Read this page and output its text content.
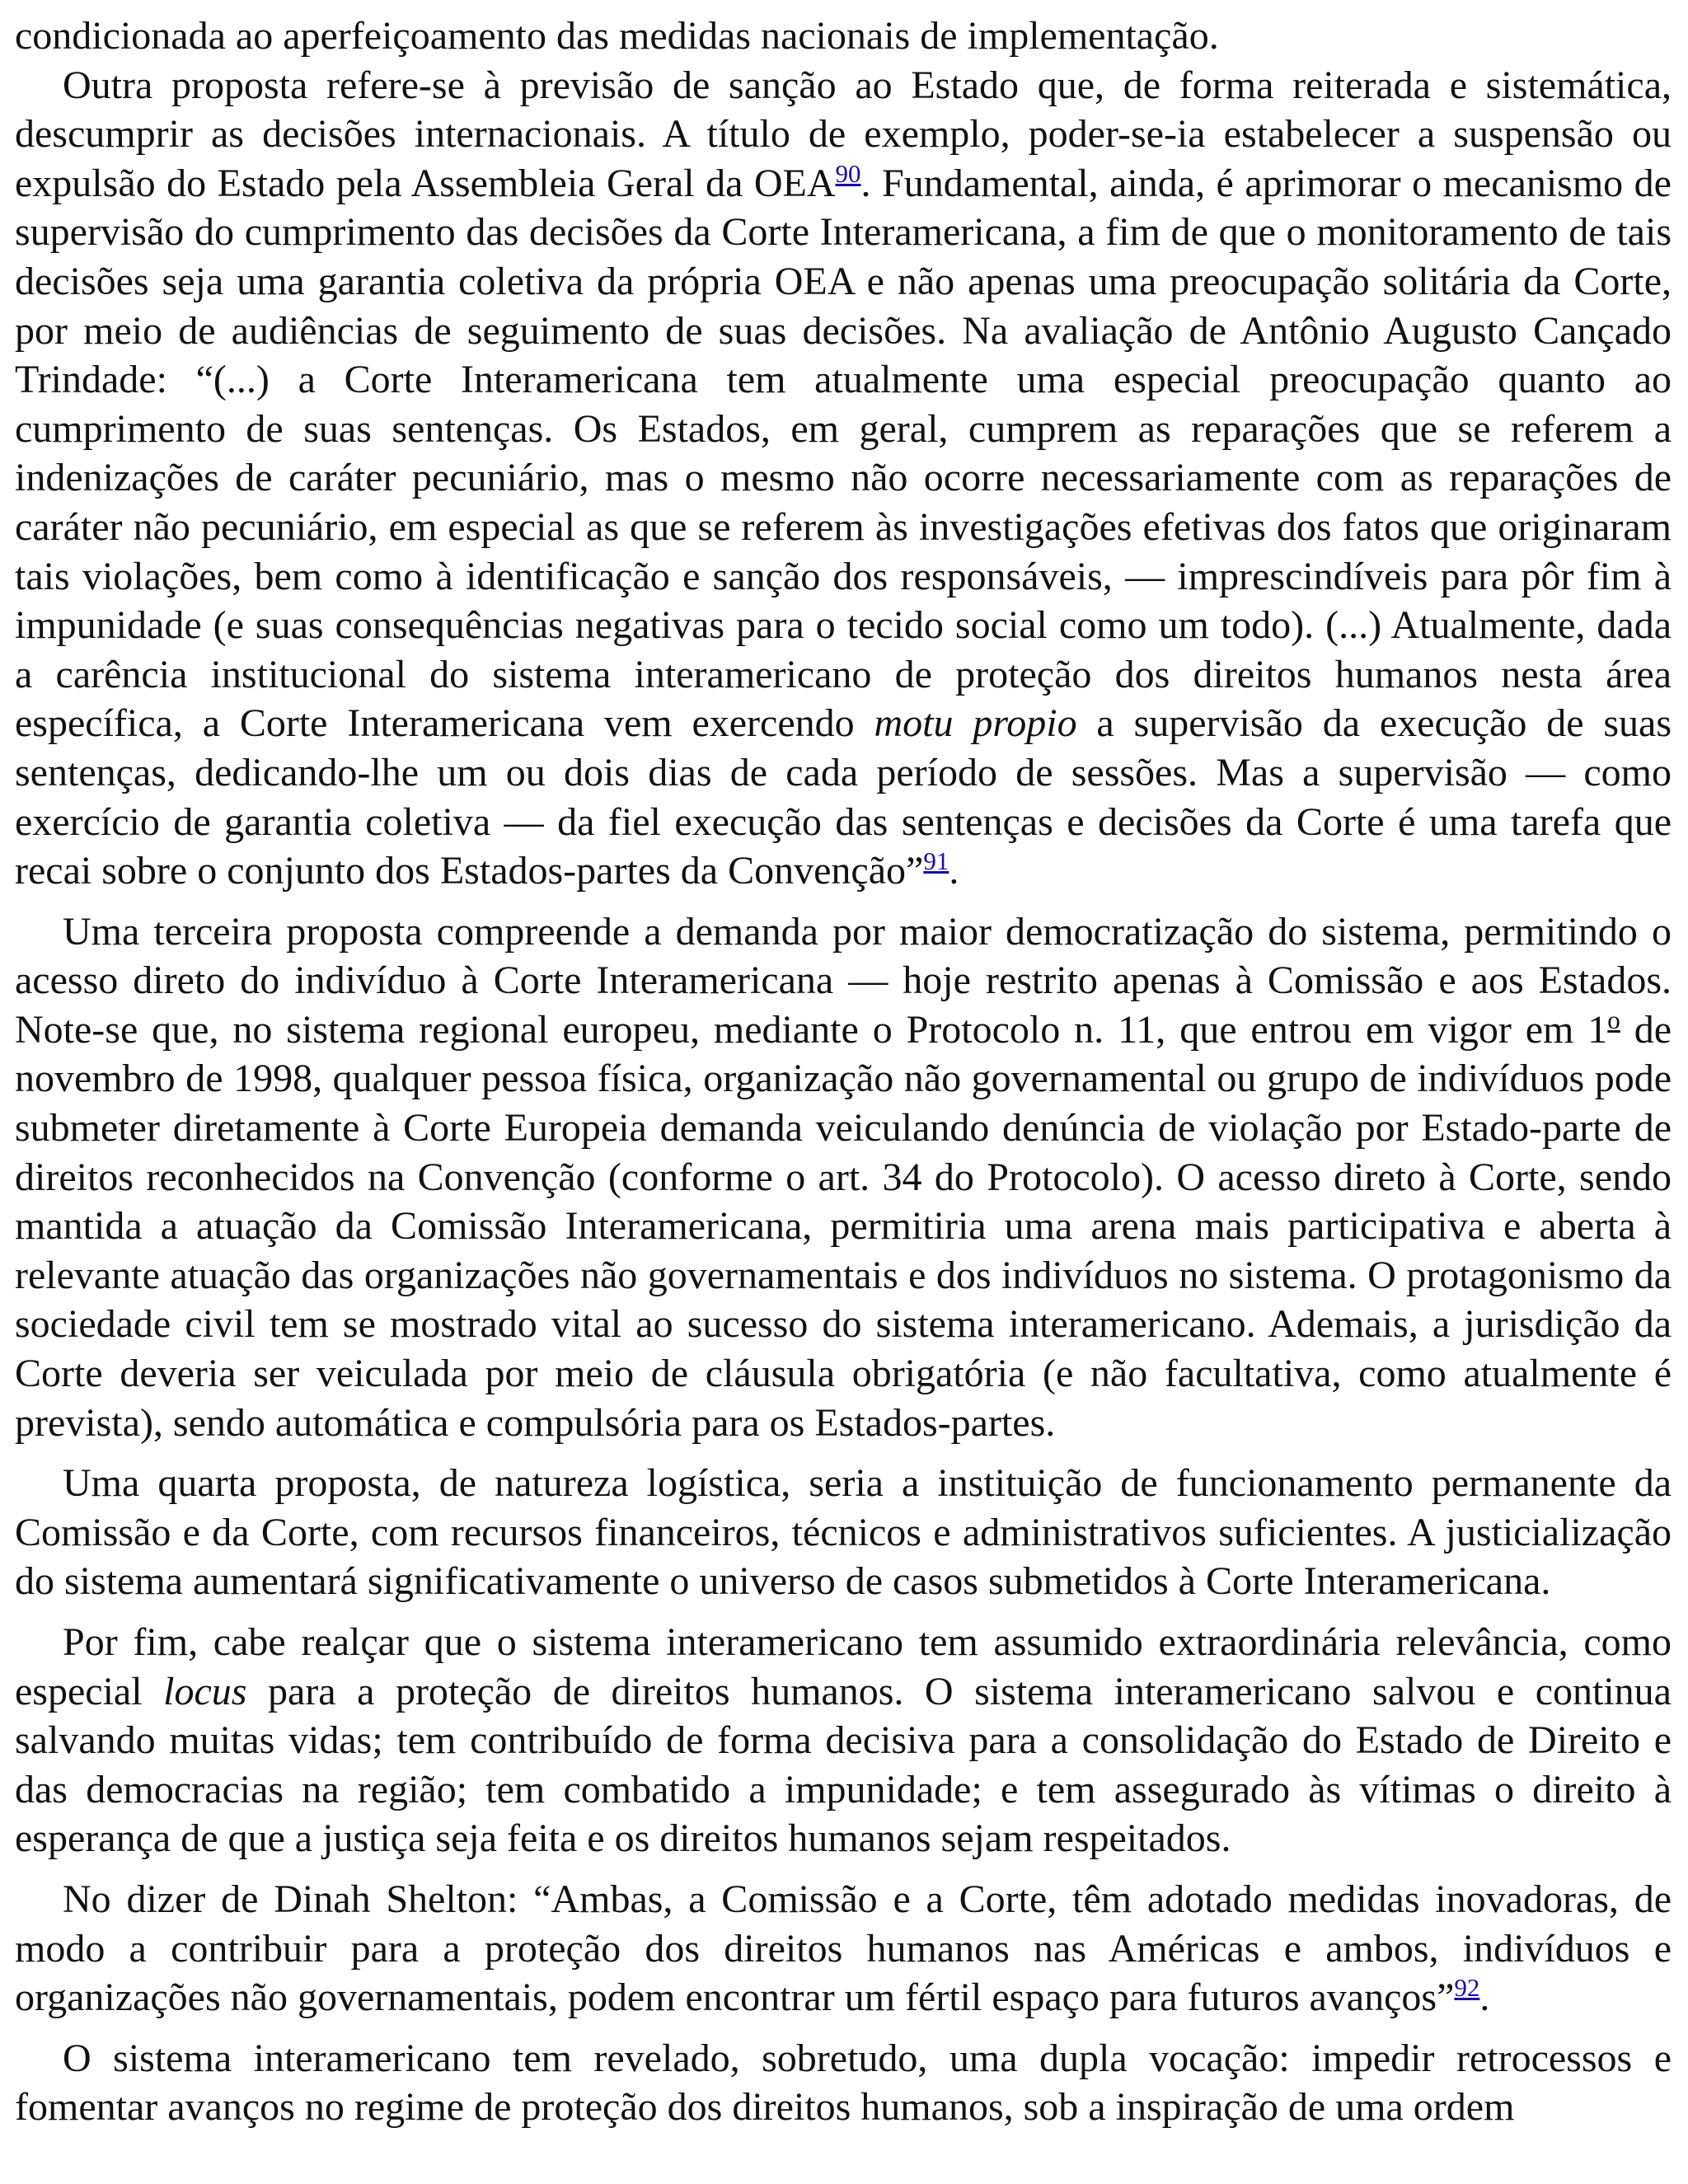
condicionada ao aperfeiçoamento das medidas nacionais de implementação.

Outra proposta refere-se à previsão de sanção ao Estado que, de forma reiterada e sistemática, descumprir as decisões internacionais. A título de exemplo, poder-se-ia estabelecer a suspensão ou expulsão do Estado pela Assembleia Geral da OEA$^{90}$. Fundamental, ainda, é aprimorar o mecanismo de supervisão do cumprimento das decisões da Corte Interamericana, a fim de que o monitoramento de tais decisões seja uma garantia coletiva da própria OEA e não apenas uma preocupação solitária da Corte, por meio de audiências de seguimento de suas decisões. Na avaliação de Antônio Augusto Cançado Trindade: “(...) a Corte Interamericana tem atualmente uma especial preocupação quanto ao cumprimento de suas sentenças. Os Estados, em geral, cumprem as reparações que se referem a indenizações de caráter pecuniário, mas o mesmo não ocorre necessariamente com as reparações de caráter não pecuniário, em especial as que se referem às investigações efetivas dos fatos que originaram tais violações, bem como à identificação e sanção dos responsáveis, — imprescindíveis para pôr fim à impunidade (e suas consequências negativas para o tecido social como um todo). (...) Atualmente, dada a carência institucional do sistema interamericano de proteção dos direitos humanos nesta área específica, a Corte Interamericana vem exercendo motu propio a supervisão da execução de suas sentenças, dedicando-lhe um ou dois dias de cada período de sessões. Mas a supervisão — como exercício de garantia coletiva — da fiel execução das sentenças e decisões da Corte é uma tarefa que recai sobre o conjunto dos Estados-partes da Convenção”$^{91}$.

Uma terceira proposta compreende a demanda por maior democratização do sistema, permitindo o acesso direto do indivíduo à Corte Interamericana — hoje restrito apenas à Comissão e aos Estados. Note-se que, no sistema regional europeu, mediante o Protocolo n. 11, que entrou em vigor em 1$^o$ de novembro de 1998, qualquer pessoa física, organização não governamental ou grupo de indivíduos pode submeter diretamente à Corte Europeia demanda veiculando denúncia de violação por Estado-parte de direitos reconhecidos na Convenção (conforme o art. 34 do Protocolo). O acesso direto à Corte, sendo mantida a atuação da Comissão Interamericana, permitiria uma arena mais participativa e aberta à relevante atuação das organizações não governamentais e dos indivíduos no sistema. O protagonismo da sociedade civil tem se mostrado vital ao sucesso do sistema interamericano. Ademais, a jurisdição da Corte deveria ser veiculada por meio de cláusula obrigatória (e não facultativa, como atualmente é prevista), sendo automática e compulsória para os Estados-partes.

Uma quarta proposta, de natureza logística, seria a instituição de funcionamento permanente da Comissão e da Corte, com recursos financeiros, técnicos e administrativos suficientes. A justicialização do sistema aumentará significativamente o universo de casos submetidos à Corte Interamericana.

Por fim, cabe realçar que o sistema interamericano tem assumido extraordinária relevância, como especial locus para a proteção de direitos humanos. O sistema interamericano salvou e continua salvando muitas vidas; tem contribuído de forma decisiva para a consolidação do Estado de Direito e das democracias na região; tem combatido a impunidade; e tem assegurado às vítimas o direito à esperança de que a justiça seja feita e os direitos humanos sejam respeitados.

No dizer de Dinah Shelton: “Ambas, a Comissão e a Corte, têm adotado medidas inovadoras, de modo a contribuir para a proteção dos direitos humanos nas Américas e ambos, indivíduos e organizações não governamentais, podem encontrar um fértil espaço para futuros avanços”$^{92}$.

O sistema interamericano tem revelado, sobretudo, uma dupla vocação: impedir retrocessos e fomentar avanços no regime de proteção dos direitos humanos, sob a inspiração de uma ordem
